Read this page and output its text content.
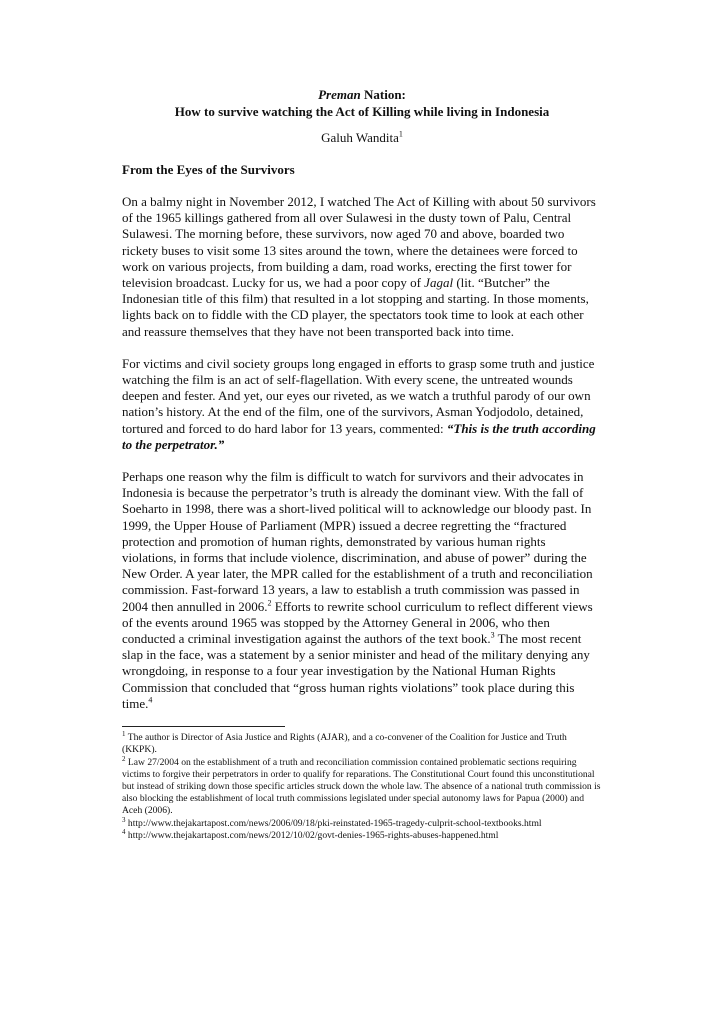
Preman Nation:
How to survive watching the Act of Killing while living in Indonesia
Galuh Wandita$^1$
From the Eyes of the Survivors

On a balmy night in November 2012, I watched The Act of Killing with about 50 survivors of the 1965 killings gathered from all over Sulawesi in the dusty town of Palu, Central Sulawesi. The morning before, these survivors, now aged 70 and above, boarded two rickety buses to visit some 13 sites around the town, where the detainees were forced to work on various projects, from building a dam, road works, erecting the first tower for television broadcast. Lucky for us, we had a poor copy of Jagal (lit. “Butcher” the Indonesian title of this film) that resulted in a lot stopping and starting. In those moments, lights back on to fiddle with the CD player, the spectators took time to look at each other and reassure themselves that they have not been transported back into time.

For victims and civil society groups long engaged in efforts to grasp some truth and justice watching the film is an act of self-flagellation. With every scene, the untreated wounds deepen and fester. And yet, our eyes our riveted, as we watch a truthful parody of our own nation’s history. At the end of the film, one of the survivors, Asman Yodjodolo, detained, tortured and forced to do hard labor for 13 years, commented: “This is the truth according to the perpetrator.”

Perhaps one reason why the film is difficult to watch for survivors and their advocates in Indonesia is because the perpetrator’s truth is already the dominant view. With the fall of Soeharto in 1998, there was a short-lived political will to acknowledge our bloody past. In 1999, the Upper House of Parliament (MPR) issued a decree regretting the “fractured protection and promotion of human rights, demonstrated by various human rights violations, in forms that include violence, discrimination, and abuse of power” during the New Order. A year later, the MPR called for the establishment of a truth and reconciliation commission. Fast-forward 13 years, a law to establish a truth commission was passed in 2004 then annulled in 2006.$^2$ Efforts to rewrite school curriculum to reflect different views of the events around 1965 was stopped by the Attorney General in 2006, who then conducted a criminal investigation against the authors of the text book.$^3$ The most recent slap in the face, was a statement by a senior minister and head of the military denying any wrongdoing, in response to a four year investigation by the National Human Rights Commission that concluded that “gross human rights violations” took place during this time.$^4$

$^1$ The author is Director of Asia Justice and Rights (AJAR), and a co-convener of the Coalition for Justice and Truth (KKPK).

$^2$ Law 27/2004 on the establishment of a truth and reconciliation commission contained problematic sections requiring victims to forgive their perpetrators in order to qualify for reparations. The Constitutional Court found this unconstitutional but instead of striking down those specific articles struck down the whole law. The absence of a national truth commission is also blocking the establishment of local truth commissions legislated under special autonomy laws for Papua (2000) and Aceh (2006).

$^3$ http://www.thejakartapost.com/news/2006/09/18/pki-reinstated-1965-tragedy-culprit-school-textbooks.html

$^4$ http://www.thejakartapost.com/news/2012/10/02/govt-denies-1965-rights-abuses-happened.html
